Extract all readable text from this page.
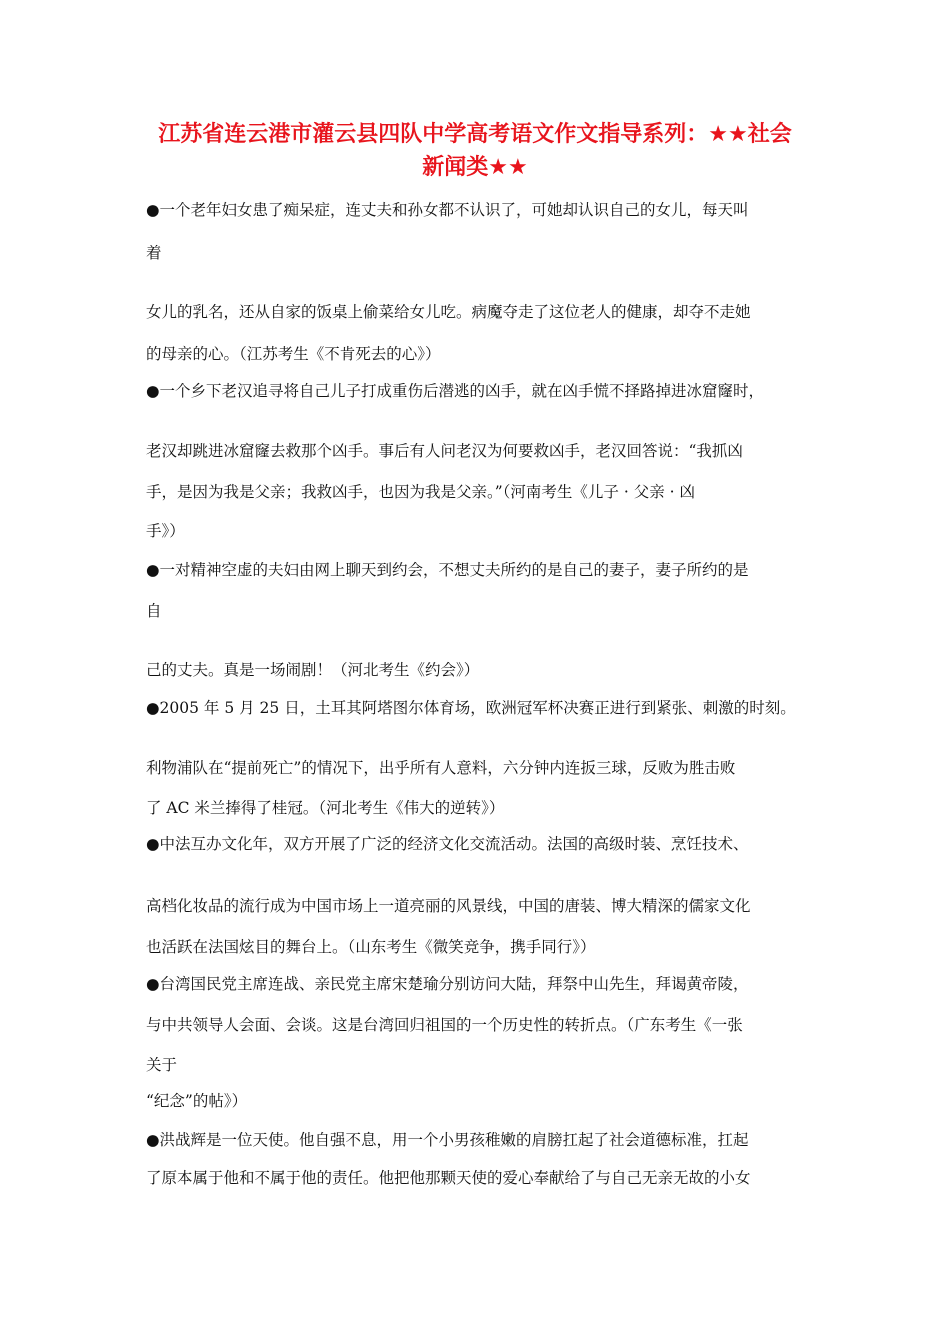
江苏省连云港市灌云县四队中学高考语文作文指导系列：★★社会
新闻类★★
●一个老年妇女患了痴呆症，连丈夫和孙女都不认识了，可她却认识自己的女儿，每天叫
着
女儿的乳名，还从自家的饭桌上偷菜给女儿吃。病魔夺走了这位老人的健康，却夺不走她
的母亲的心。（江苏考生《不肯死去的心》）
●一个乡下老汉追寻将自己儿子打成重伤后潜逃的凶手，就在凶手慌不择路掉进冰窟窿时，
老汉却跳进冰窟窿去救那个凶手。事后有人问老汉为何要救凶手，老汉回答说：“我抓凶
手，是因为我是父亲；我救凶手，也因为我是父亲。”（河南考生《儿子 · 父亲 · 凶
手》）
●一对精神空虚的夫妇由网上聊天到约会，不想丈夫所约的是自己的妻子，妻子所约的是
自
己的丈夫。真是一场闹剧！（河北考生《约会》）
●2005 年 5 月 25 日，土耳其阿塔图尔体育场，欧洲冠军杯决赛正进行到紧张、刺激的时刻。
利物浦队在“提前死亡”的情况下，出乎所有人意料，六分钟内连扳三球，反败为胜击败
了 AC 米兰捧得了桂冠。（河北考生《伟大的逆转》）
●中法互办文化年，双方开展了广泛的经济文化交流活动。法国的高级时装、烹饪技术、
高档化妆品的流行成为中国市场上一道亮丽的风景线，中国的唐装、博大精深的儒家文化
也活跃在法国炫目的舞台上。（山东考生《微笑竞争，携手同行》）
●台湾国民党主席连战、亲民党主席宋楚瑜分别访问大陆，拜祭中山先生，拜谒黄帝陵，
与中共领导人会面、会谈。这是台湾回归祖国的一个历史性的转折点。（广东考生《一张
关于
“纪念”的帖》）
●洪战辉是一位天使。他自强不息，用一个小男孩稚嫩的肩膀扛起了社会道德标准，扛起
了原本属于他和不属于他的责任。他把他那颗天使的爱心奉献给了与自己无亲无故的小女
